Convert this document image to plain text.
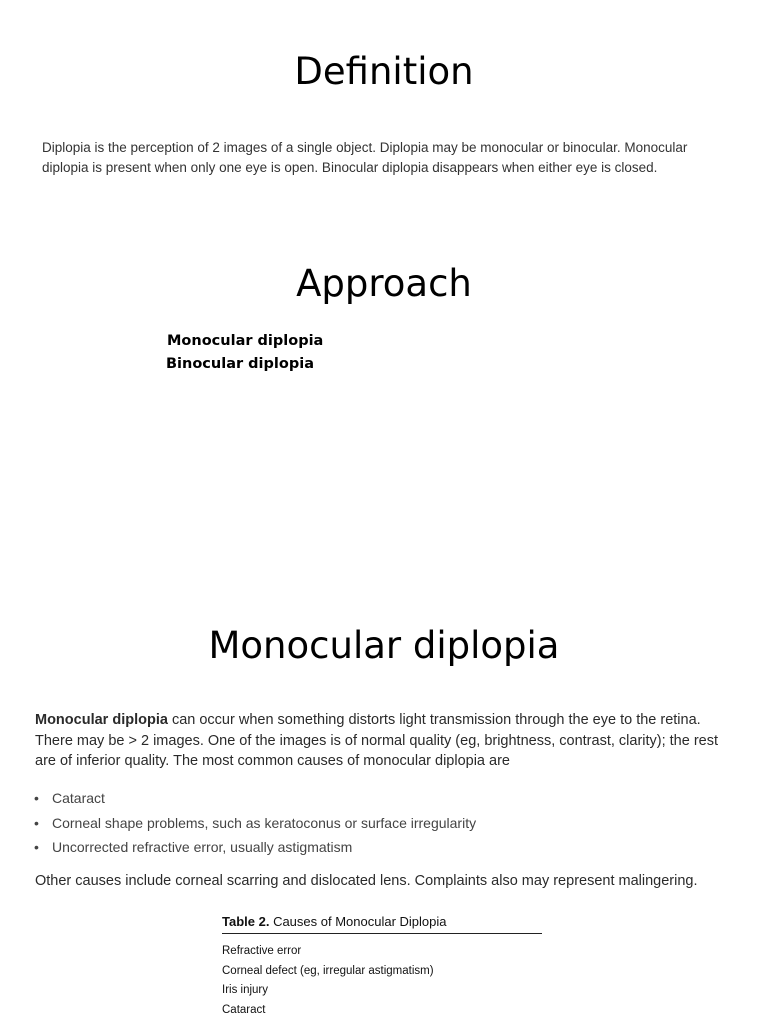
Definition

Diplopia is the perception of 2 images of a single object. Diplopia may be monocular or binocular. Monocular diplopia is present when only one eye is open. Binocular diplopia disappears when either eye is closed.

Approach

Monocular diplopia

Binocular diplopia

Monocular diplopia

Monocular diplopia can occur when something distorts light transmission through the eye to the retina. There may be > 2 images. One of the images is of normal quality (eg, brightness, contrast, clarity); the rest are of inferior quality. The most common causes of monocular diplopia are

• Cataract
• Corneal shape problems, such as keratoconus or surface irregularity
• Uncorrected refractive error, usually astigmatism

Other causes include corneal scarring and dislocated lens. Complaints also may represent malingering.

Table 2. Causes of Monocular Diplopia
Refractive error
Corneal defect (eg, irregular astigmatism)
Iris injury
Cataract
